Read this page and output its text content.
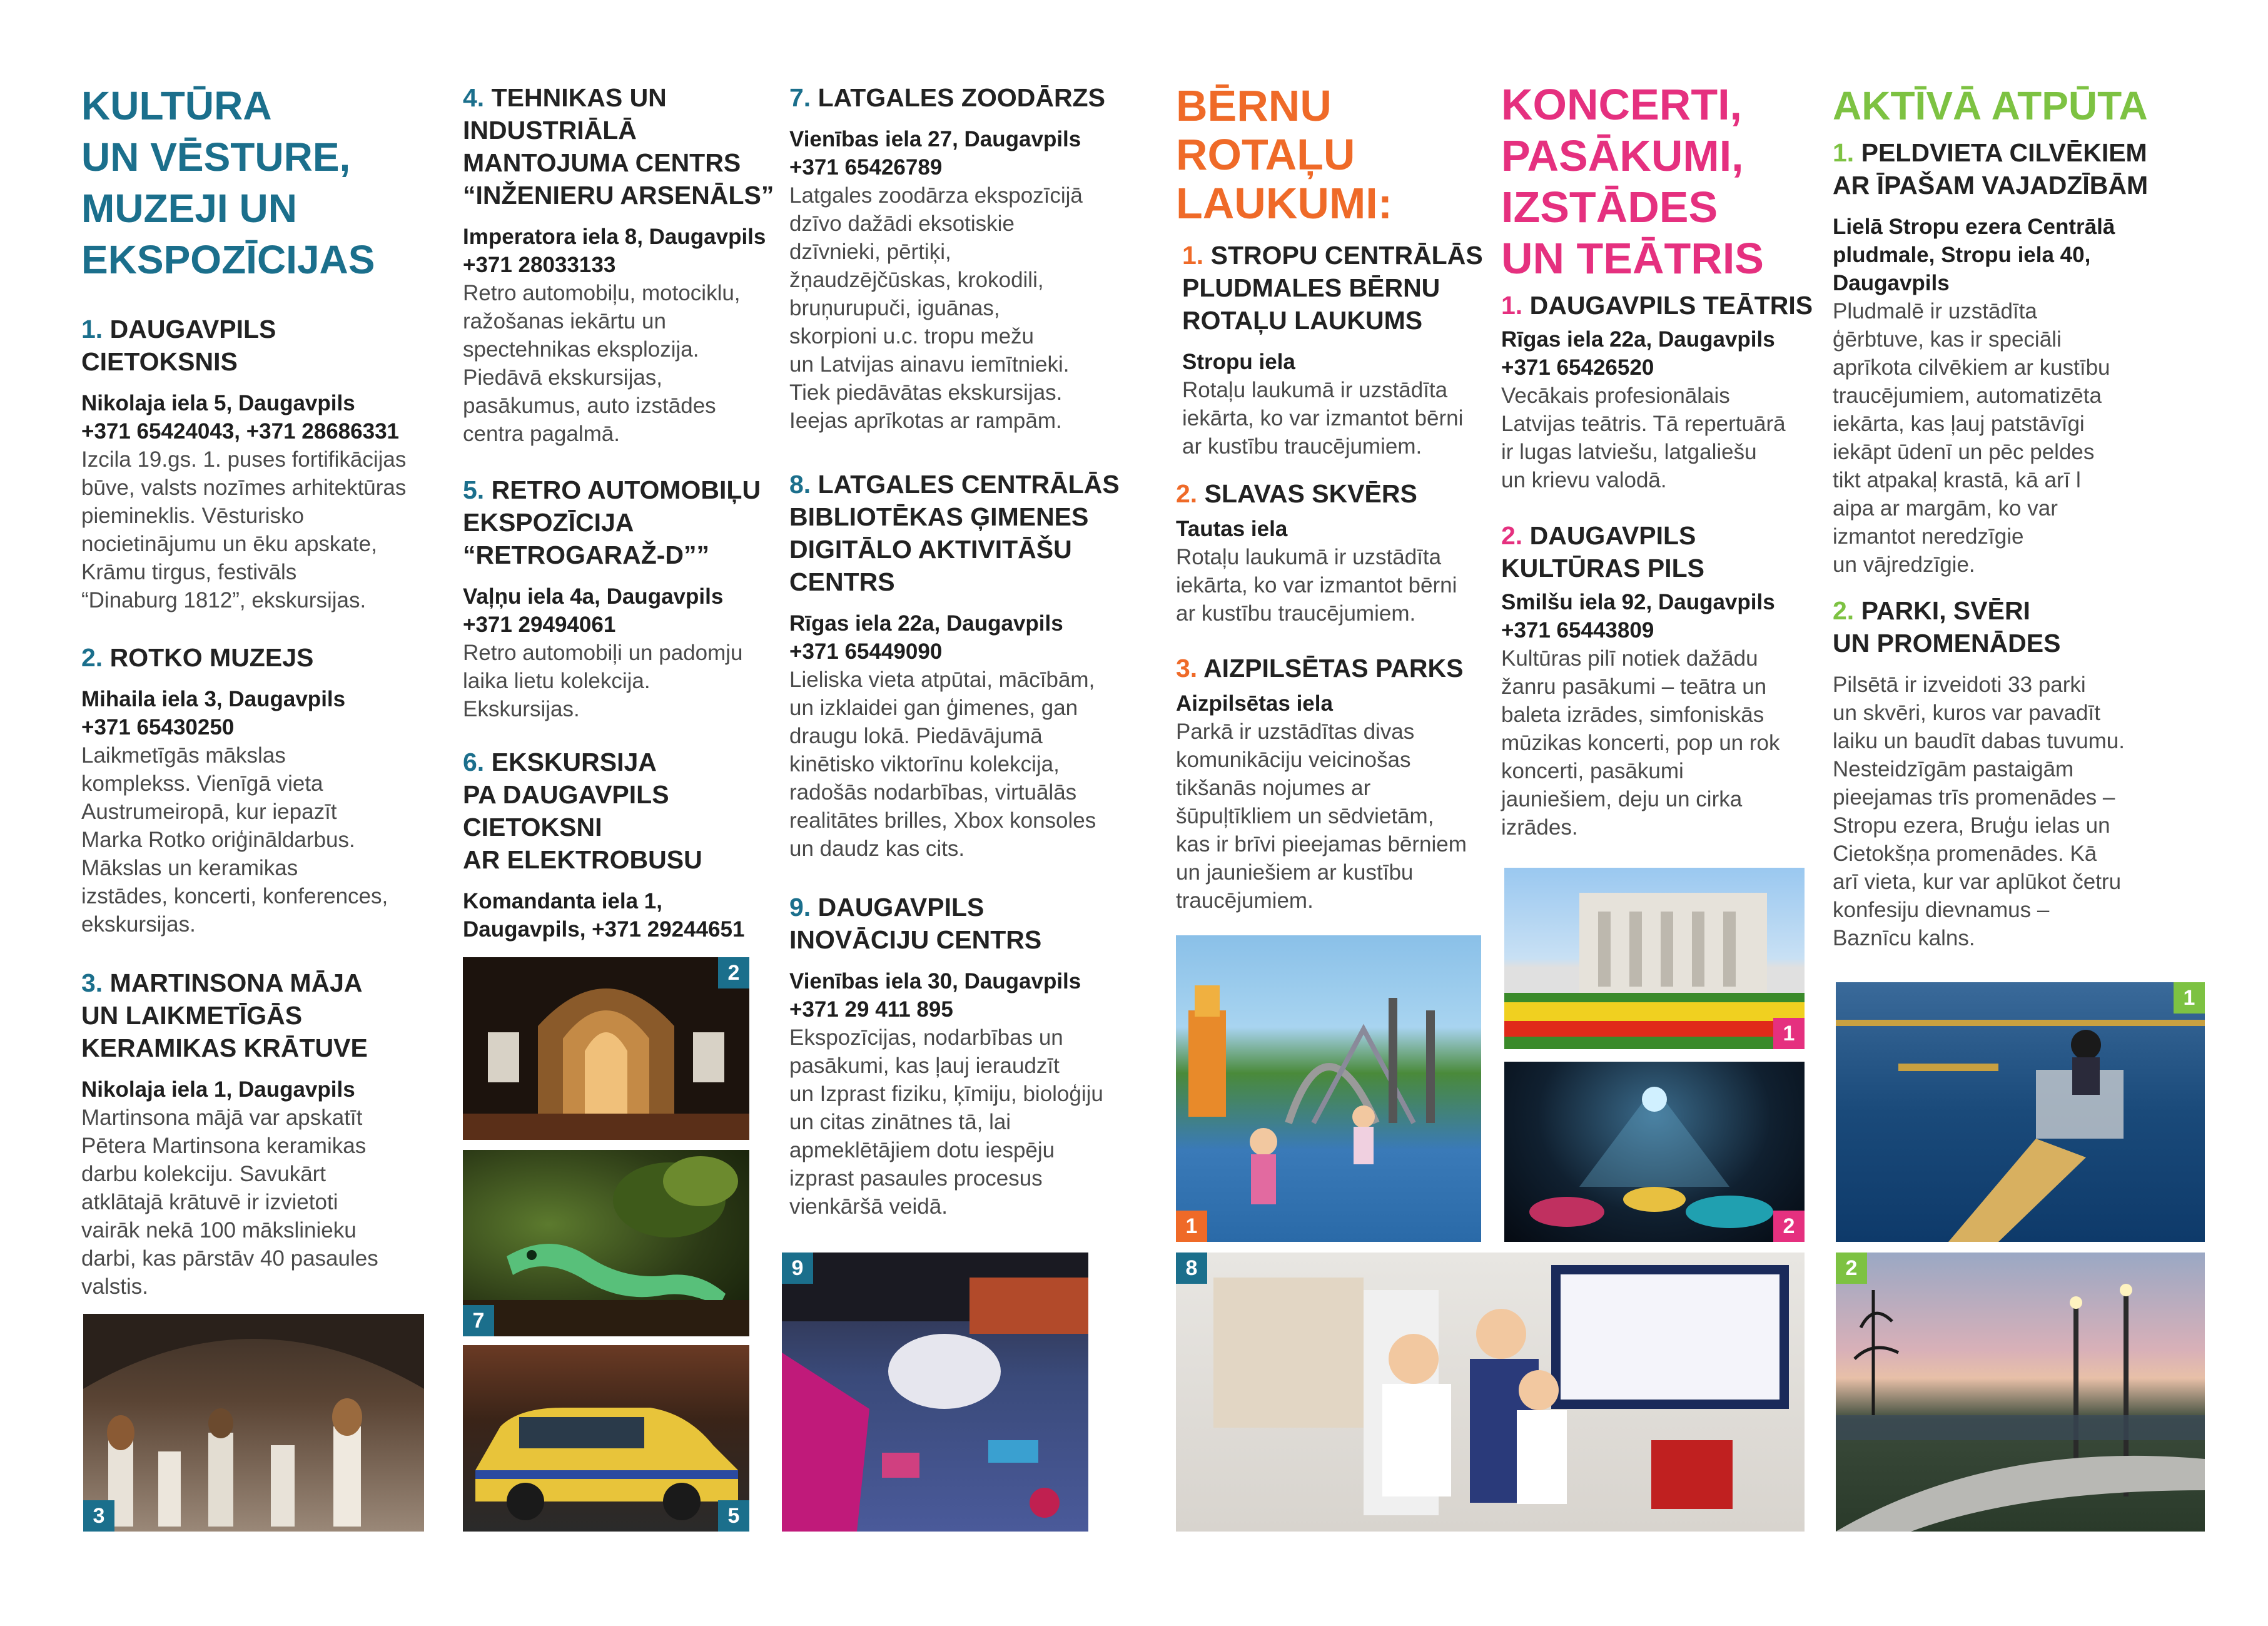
KULTŪRA
UN VĒSTURE,
MUZEJI UN
EKSPOZĪCIJAS
1. DAUGAVPILS
CIETOKSNIS
Nikolaja iela 5, Daugavpils
+371 65424043, +371 28686331
Izcila 19.gs. 1. puses fortifikācijas
būve, valsts nozīmes arhitektūras
piemineklis. Vēsturisko
nocietinājumu un ēku apskate,
Krāmu tirgus, festivāls
“Dinaburg 1812”, ekskursijas.
2. ROTKO MUZEJS
Mihaila iela 3, Daugavpils
+371 65430250
Laikmetīgās mākslas
komplekss. Vienīgā vieta
Austrumeiropā, kur iepazīt
Marka Rotko oriģināldarbus.
Mākslas un keramikas
izstādes, koncerti, konferences,
ekskursijas.
3. MARTINSONA MĀJA
UN LAIKMETĪGĀS
KERAMIKAS KRĀTUVE
Nikolaja iela 1, Daugavpils
Martinsona mājā var apskatīt
Pētera Martinsona keramikas
darbu kolekciju. Savukārt
atklātajā krātuvē ir izvietoti
vairāk nekā 100 mākslinieku
darbi, kas pārstāv 40 pasaules
valstis.
3
4. TEHNIKAS UN
INDUSTRIĀLĀ
MANTOJUMA CENTRS
“INŽENIERU ARSENĀLS”
Imperatora iela 8, Daugavpils
+371 28033133
Retro automobiļu, motociklu,
ražošanas iekārtu un
spectehnikas eksplozija.
Piedāvā ekskursijas,
pasākumus, auto izstādes
centra pagalmā.
5. RETRO AUTOMOBIĻU
EKSPOZĪCIJA
“RETROGARAŽ-D””
Vaļņu iela 4a, Daugavpils
+371 29494061
Retro automobiļi un padomju
laika lietu kolekcija.
Ekskursijas.
6. EKSKURSIJA
PA DAUGAVPILS
CIETOKSNI
AR ELEKTROBUSU
Komandanta iela 1,
Daugavpils, +371 29244651
2
7
5
7. LATGALES ZOODĀRZS
Vienības iela 27, Daugavpils
+371 65426789
Latgales zoodārza ekspozīcijā
dzīvo dažādi eksotiskie
dzīvnieki, pērtiķi,
žņaudzējčūskas, krokodili,
bruņurupuči, iguānas,
skorpioni u.c. tropu mežu
un Latvijas ainavu iemītnieki.
Tiek piedāvātas ekskursijas.
Ieejas aprīkotas ar rampām.
8. LATGALES CENTRĀLĀS
BIBLIOTĒKAS ĢIMENES
DIGITĀLO AKTIVITĀŠU
CENTRS
Rīgas iela 22a, Daugavpils
+371 65449090
Lieliska vieta atpūtai, mācībām,
un izklaidei gan ģimenes, gan
draugu lokā. Piedāvājumā
kinētisko viktorīnu kolekcija,
radošās nodarbības, virtuālās
realitātes brilles, Xbox konsoles
un daudz kas cits.
9. DAUGAVPILS
INOVĀCIJU CENTRS
Vienības iela 30, Daugavpils
+371 29 411 895
Ekspozīcijas, nodarbības un
pasākumi, kas ļauj ieraudzīt
un Izprast fiziku, ķīmiju, bioloģiju
un citas zinātnes tā, lai
apmeklētājiem dotu iespēju
izprast pasaules procesus
vienkāršā veidā.
9
BĒRNU
ROTAĻU
LAUKUMI:
1. STROPU CENTRĀLĀS
PLUDMALES BĒRNU
ROTAĻU LAUKUMS
Stropu iela
Rotaļu laukumā ir uzstādīta
iekārta, ko var izmantot bērni
ar kustību traucējumiem.
2. SLAVAS SKVĒRS
Tautas iela
Rotaļu laukumā ir uzstādīta
iekārta, ko var izmantot bērni
ar kustību traucējumiem.
3. AIZPILSĒTAS PARKS
Aizpilsētas iela
Parkā ir uzstādītas divas
komunikāciju veicinošas
tikšanās nojumes ar
šūpuļtīkliem un sēdvietām,
kas ir brīvi pieejamas bērniem
un jauniešiem ar kustību
traucējumiem.
1
KONCERTI,
PASĀKUMI,
IZSTĀDES
UN TEĀTRIS
1. DAUGAVPILS TEĀTRIS
Rīgas iela 22a, Daugavpils
+371 65426520
Vecākais profesionālais
Latvijas teātris. Tā repertuārā
ir lugas latviešu, latgaliešu
un krievu valodā.
2. DAUGAVPILS
KULTŪRAS PILS
Smilšu iela 92, Daugavpils
+371 65443809
Kultūras pilī notiek dažādu
žanru pasākumi – teātra un
baleta izrādes, simfoniskās
mūzikas koncerti, pop un rok
koncerti, pasākumi
jauniešiem, deju un cirka
izrādes.
1
2
8
AKTĪVĀ ATPŪTA
1. PELDVIETA CILVĒKIEM
AR ĪPAŠAM VAJADZĪBĀM
Lielā Stropu ezera Centrālā
pludmale, Stropu iela 40,
Daugavpils
Pludmalē ir uzstādīta
ģērbtuve, kas ir speciāli
aprīkota cilvēkiem ar kustību
traucējumiem, automatizēta
iekārta, kas ļauj patstāvīgi
iekāpt ūdenī un pēc peldes
tikt atpakaļ krastā, kā arī l
aipa ar margām, ko var
izmantot neredzīgie
un vājredzīgie.
2. PARKI, SVĒRI
UN PROMENĀDES
Pilsētā ir izveidoti 33 parki
un skvēri, kuros var pavadīt
laiku un baudīt dabas tuvumu.
Nesteidzīgām pastaigām
pieejamas trīs promenādes –
Stropu ezera, Bruģu ielas un
Cietokšņa promenādes. Kā
arī vieta, kur var aplūkot četru
konfesiju dievnamus –
Baznīcu kalns.
1
2
